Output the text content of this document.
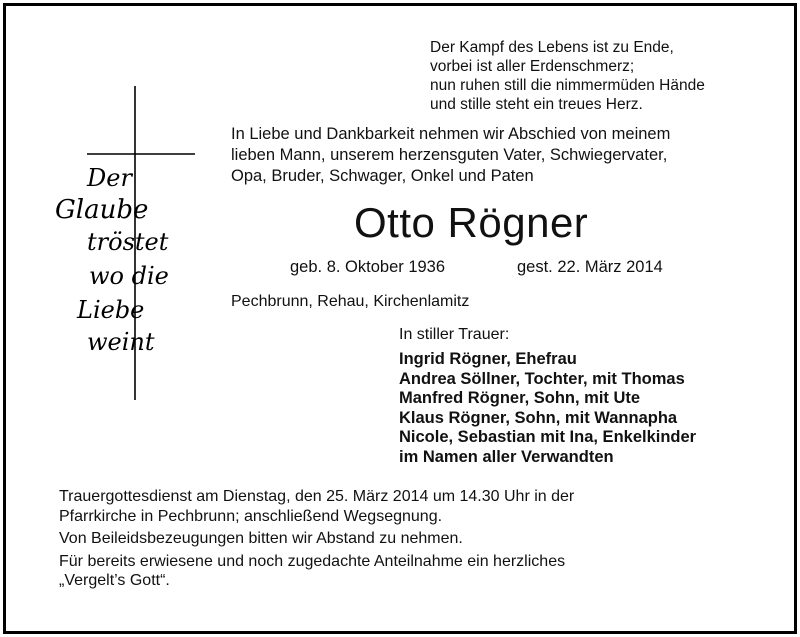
Der
Glaube
tröstet
wo die
Liebe
weint
Der Kampf des Lebens ist zu Ende,
vorbei ist aller Erdenschmerz;
nun ruhen still die nimmermüden Hände
und stille steht ein treues Herz.
In Liebe und Dankbarkeit nehmen wir Abschied von meinem
lieben Mann, unserem herzensguten Vater, Schwiegervater,
Opa, Bruder, Schwager, Onkel und Paten
Otto Rögner
geb. 8. Oktober 1936	gest. 22. März 2014
Pechbrunn, Rehau, Kirchenlamitz
In stiller Trauer:
Ingrid Rögner, Ehefrau
Andrea Söllner, Tochter, mit Thomas
Manfred Rögner, Sohn, mit Ute
Klaus Rögner, Sohn, mit Wannapha
Nicole, Sebastian mit Ina, Enkelkinder
im Namen aller Verwandten

Trauergottesdienst am Dienstag, den 25. März 2014 um 14.30 Uhr in der

Pfarrkirche in Pechbrunn; anschließend Wegsegnung.

Von Beileidsbezeugungen bitten wir Abstand zu nehmen.

Für bereits erwiesene und noch zugedachte Anteilnahme ein herzliches

„Vergelt’s Gott“.
